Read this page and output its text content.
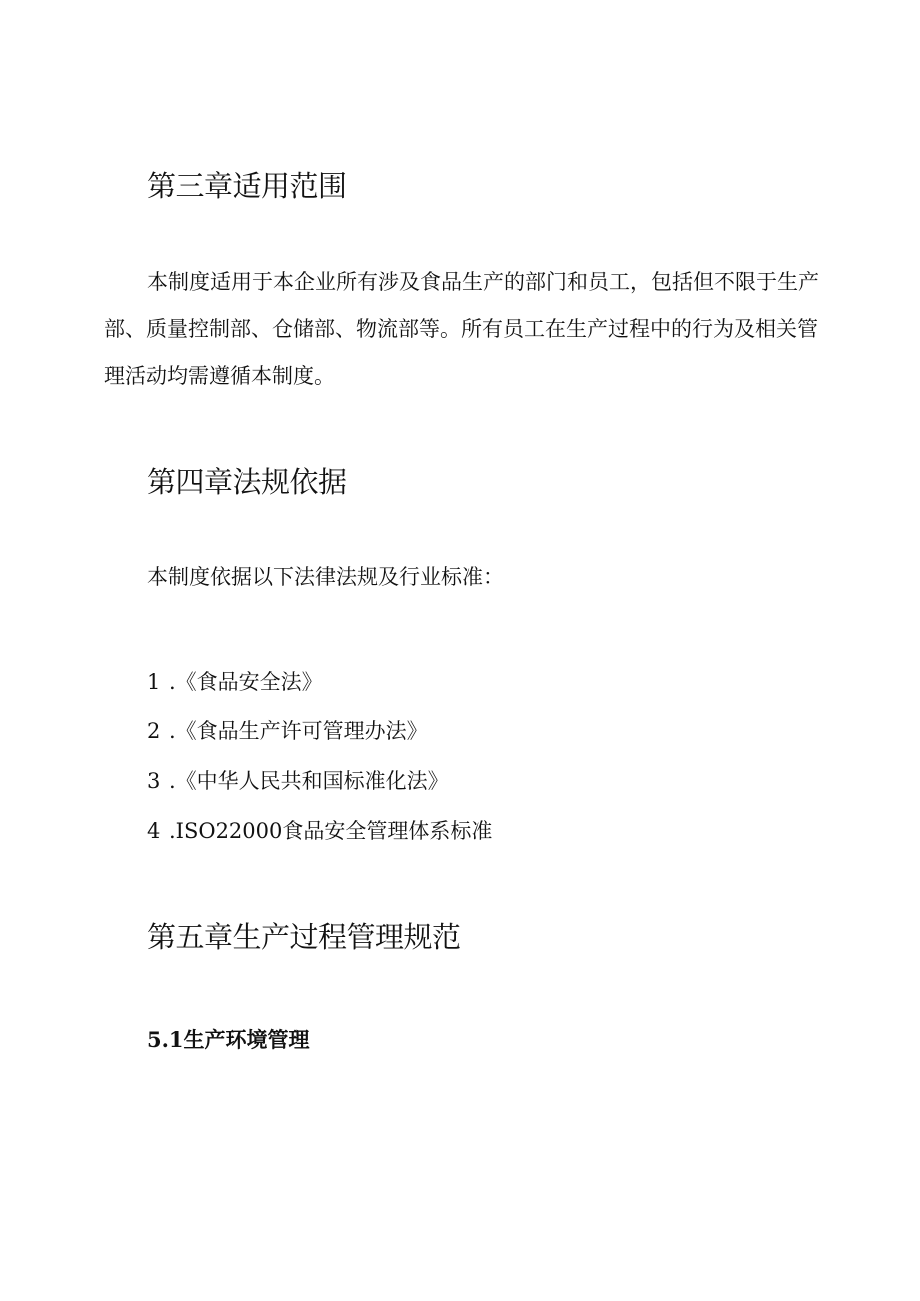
第三章适用范围

本制度适用于本企业所有涉及食品生产的部门和员工，包括但不限于生产部、质量控制部、仓储部、物流部等。所有员工在生产过程中的行为及相关管理活动均需遵循本制度。

第四章法规依据

本制度依据以下法律法规及行业标准：

1 .《食品安全法》
2 .《食品生产许可管理办法》
3 .《中华人民共和国标准化法》
4 .ISO22000食品安全管理体系标准
第五章生产过程管理规范
5.1生产环境管理
